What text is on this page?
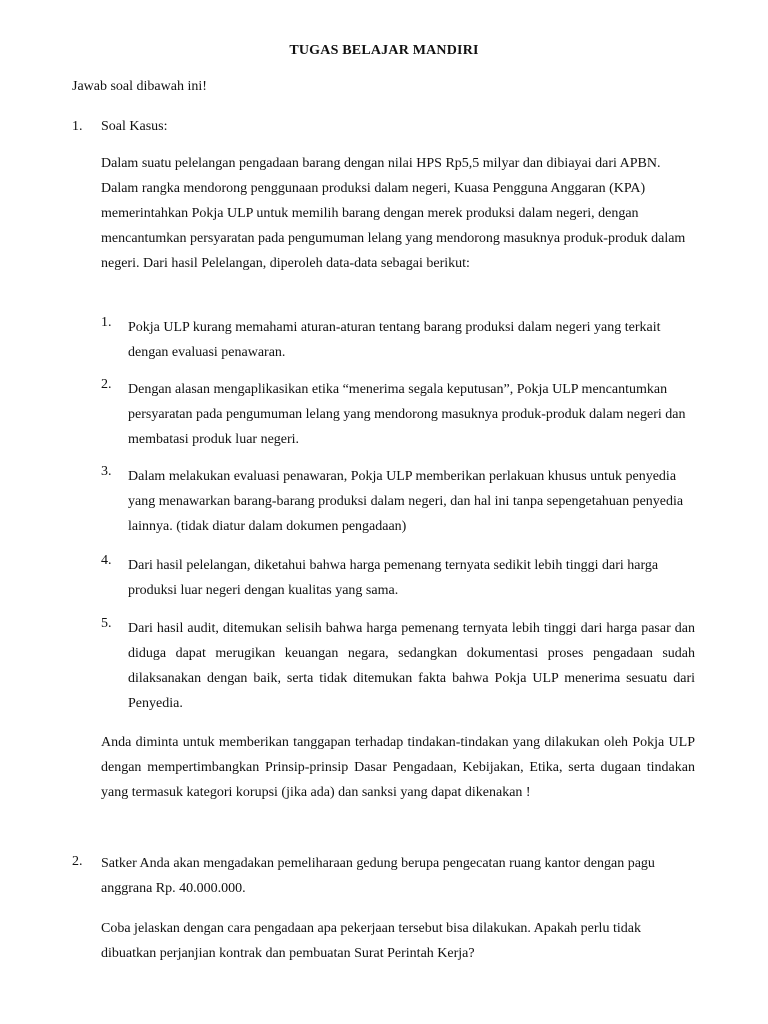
TUGAS BELAJAR MANDIRI
Jawab soal dibawah ini!
1. Soal Kasus:
Dalam suatu pelelangan pengadaan barang dengan nilai HPS Rp5,5 milyar dan dibiayai dari APBN. Dalam rangka mendorong penggunaan produksi dalam negeri, Kuasa Pengguna Anggaran (KPA) memerintahkan Pokja ULP untuk memilih barang dengan merek produksi dalam negeri, dengan mencantumkan persyaratan pada pengumuman lelang yang mendorong masuknya produk-produk dalam negeri. Dari hasil Pelelangan, diperoleh data-data sebagai berikut:
1. Pokja ULP kurang memahami aturan-aturan tentang barang produksi dalam negeri yang terkait dengan evaluasi penawaran.
2. Dengan alasan mengaplikasikan etika “menerima segala keputusan”, Pokja ULP mencantumkan persyaratan pada pengumuman lelang yang mendorong masuknya produk-produk dalam negeri dan membatasi produk luar negeri.
3. Dalam melakukan evaluasi penawaran, Pokja ULP memberikan perlakuan khusus untuk penyedia yang menawarkan barang-barang produksi dalam negeri, dan hal ini tanpa sepengetahuan penyedia lainnya. (tidak diatur dalam dokumen pengadaan)
4. Dari hasil pelelangan, diketahui bahwa harga pemenang ternyata sedikit lebih tinggi dari harga produksi luar negeri dengan kualitas yang sama.
5. Dari hasil audit, ditemukan selisih bahwa harga pemenang ternyata lebih tinggi dari harga pasar dan diduga dapat merugikan keuangan negara, sedangkan dokumentasi proses pengadaan sudah dilaksanakan dengan baik, serta tidak ditemukan fakta bahwa Pokja ULP menerima sesuatu dari Penyedia.
Anda diminta untuk memberikan tanggapan terhadap tindakan-tindakan yang dilakukan oleh Pokja ULP dengan mempertimbangkan Prinsip-prinsip Dasar Pengadaan, Kebijakan, Etika, serta dugaan tindakan yang termasuk kategori korupsi (jika ada) dan sanksi yang dapat dikenakan !
2. Satker Anda akan mengadakan pemeliharaan gedung berupa pengecatan ruang kantor dengan pagu anggrana Rp. 40.000.000.
Coba jelaskan dengan cara pengadaan apa pekerjaan tersebut bisa dilakukan. Apakah perlu tidak dibuatkan perjanjian kontrak dan pembuatan Surat Perintah Kerja?
